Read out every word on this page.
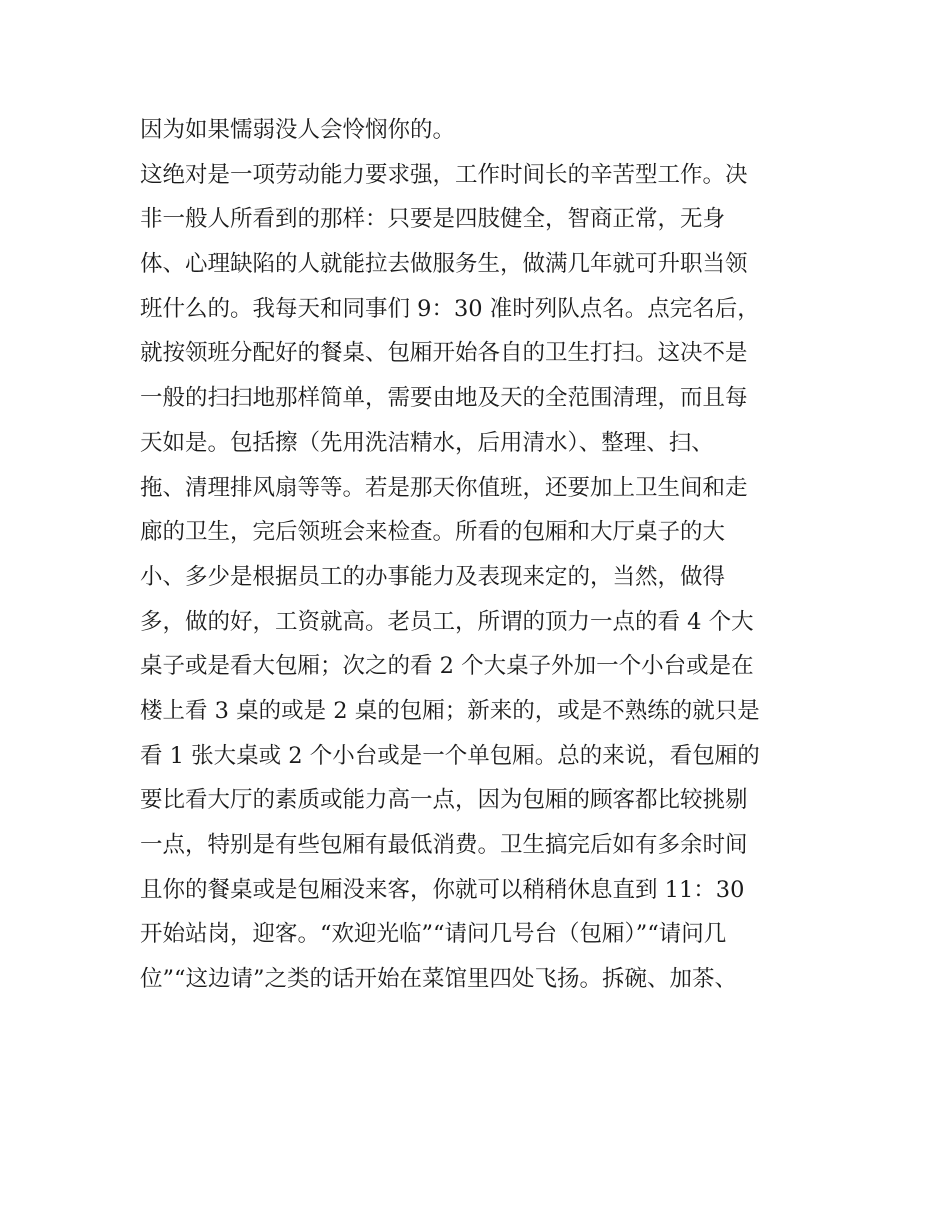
因为如果懦弱没人会怜悯你的。
这绝对是一项劳动能力要求强，工作时间长的辛苦型工作。决
非一般人所看到的那样：只要是四肢健全，智商正常，无身
体、心理缺陷的人就能拉去做服务生，做满几年就可升职当领
班什么的。我每天和同事们 9：30 准时列队点名。点完名后，
就按领班分配好的餐桌、包厢开始各自的卫生打扫。这决不是
一般的扫扫地那样简单，需要由地及天的全范围清理，而且每
天如是。包括擦（先用洗洁精水，后用清水）、整理、扫、
拖、清理排风扇等等。若是那天你值班，还要加上卫生间和走
廊的卫生，完后领班会来检查。所看的包厢和大厅桌子的大
小、多少是根据员工的办事能力及表现来定的，当然，做得
多，做的好，工资就高。老员工，所谓的顶力一点的看 4 个大
桌子或是看大包厢；次之的看 2 个大桌子外加一个小台或是在
楼上看 3 桌的或是 2 桌的包厢；新来的，或是不熟练的就只是
看 1 张大桌或 2 个小台或是一个单包厢。总的来说，看包厢的
要比看大厅的素质或能力高一点，因为包厢的顾客都比较挑剔
一点，特别是有些包厢有最低消费。卫生搞完后如有多余时间
且你的餐桌或是包厢没来客，你就可以稍稍休息直到 11：30
开始站岗，迎客。“欢迎光临”“请问几号台（包厢）”“请问几
位”“这边请”之类的话开始在菜馆里四处飞扬。拆碗、加茶、
